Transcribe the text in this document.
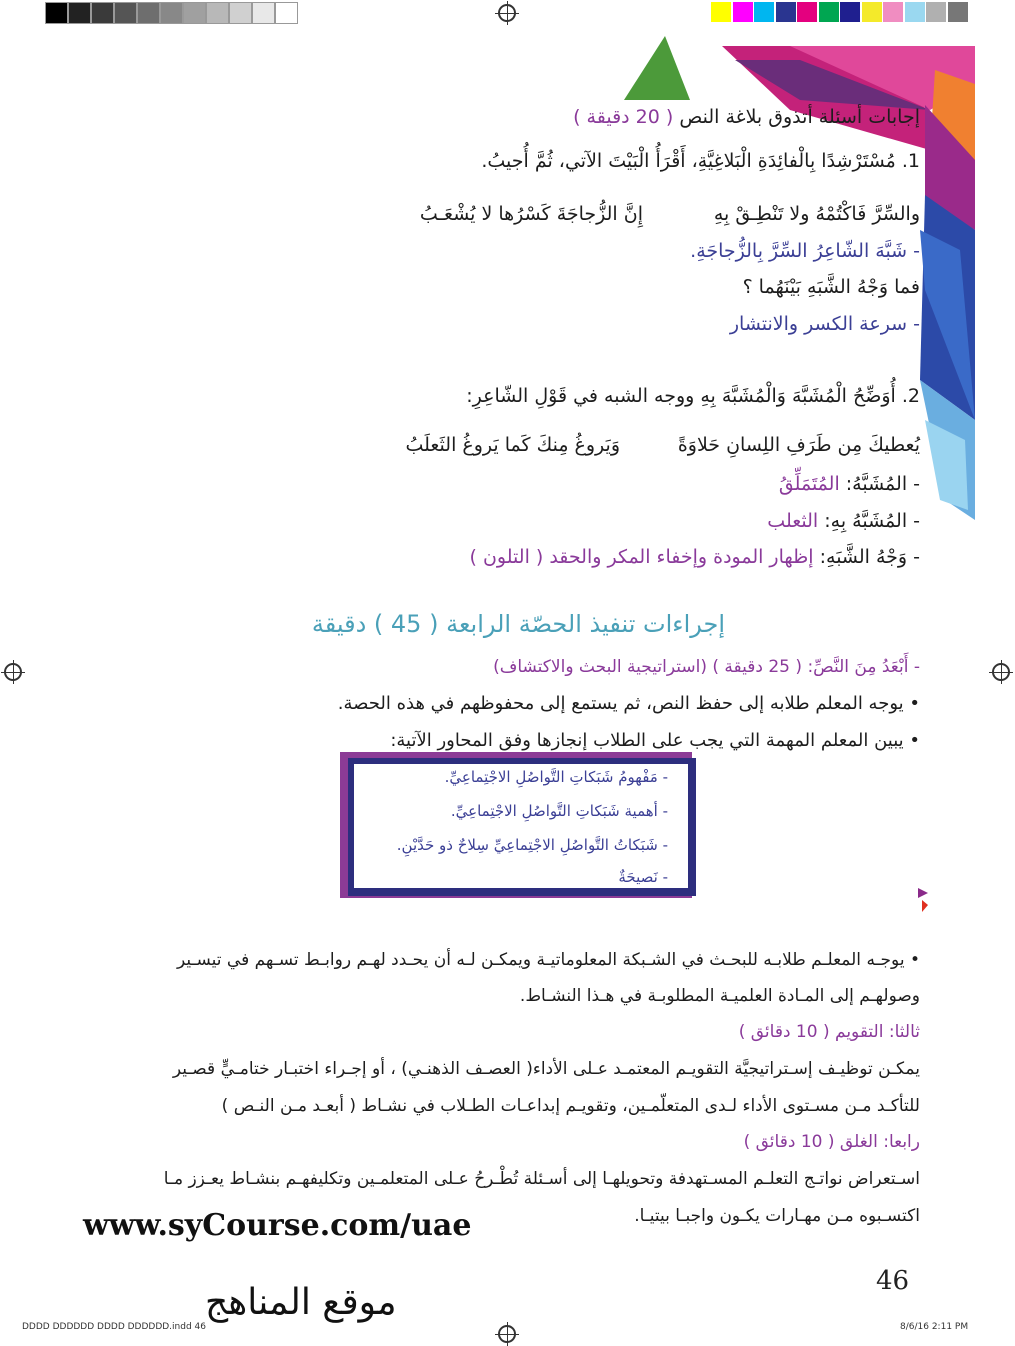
إجابات أسئلة أتذوق بلاغة النص ( 20 دقيقة )
1. مُسْتَرْشِدًا بِالْفائِدَةِ الْبَلاغِيَّةِ، أَقْرَأُ الْبَيْتَ الآتي، ثُمَّ أُجيبُ.
والسِّرَّ فَاكْتُمْهُ ولا تَنْطِـقْ بِهِ
إِنَّ الزُّجاجَةَ كَسْرُها لا يُشْعَـبُ
- شَبَّهَ الشّاعِرُ السِّرَّ بِالزُّجاجَةِ.
فما وَجْهُ الشَّبَهِ بَيْنَهُما ؟
- سرعة الكسر والانتشار
2. أُوَضِّحُ الْمُشَبَّهَ وَالْمُشَبَّهَ بِهِ ووجه الشبه في قَوْلِ الشّاعِرِ:
يُعطيكَ مِن طَرَفِ اللِسانِ حَلاوَةً
وَيَروغُ مِنكَ كَما يَروغُ الثَعلَبُ
- المُشَبَّهُ: المُتَمَلِّقُ
- المُشَبَّهُ بِهِ: الثعلب
- وَجْهُ الشَّبَهِ: إظهار المودة وإخفاء المكر والحقد ( التلون )
إجراءات تنفيذ الحصّة الرابعة ( 45 ) دقيقة
- أَبْعَدُ مِنَ النَّصِّ: ( 25 دقيقة ) (استراتيجية البحث والاكتشاف)
• يوجه المعلم طلابه إلى حفظ النص، ثم يستمع إلى محفوظهم في هذه الحصة.
• يبين المعلم المهمة التي يجب على الطلاب إنجازها وفق المحاور الآتية:
- مَفْهومُ شَبَكاتِ التَّواصُلِ الاجْتِماعِيِّ.
- أهمية شَبَكاتِ التَّواصُلِ الاجْتِماعِيِّ.
- شَبَكاتُ التَّواصُلِ الاجْتِماعِيِّ سِلاحٌ ذو حَدَّيْنِ.
- نَصيحَةٌ
• يوجـه المعلـم طلابـه للبحـث في الشـبكة المعلوماتيـة ويمكـن لـه أن يحـدد لهـم روابـط تسـهم في تيسـير
وصولهـم إلى المـادة العلميـة المطلوبـة في هـذا النشـاط.
ثالثا: التقويم ( 10 دقائق )
يمكـن توظيـف إسـتراتيجيَّة التقويـم المعتمـد عـلى الأداء( العصـف الذهنـي) ، أو إجـراء اختبـار ختامـيٍّ قصـير
للتأكـد مـن مسـتوى الأداء لـدى المتعلّمـين، وتقويـم إبداعـات الطـلاب في نشـاط ( أبعـد مـن النـص )
رابعا: الغلق ( 10 دقائق )
اسـتعراض نواتـج التعلـم المسـتهدفة وتحويلهـا إلى أسـئلة تُطْـرحُ عـلى المتعلمـين وتكليفهـم بنشـاط يعـزز مـا
اكتسـبوه مـن مهـارات يكـون واجبـا بيتيـا.
www.syCourse.com/uae
موقع المناهج
46
DDDD DDDDDD DDDD DDDDDD.indd 46	8/6/16 2:11 PM
